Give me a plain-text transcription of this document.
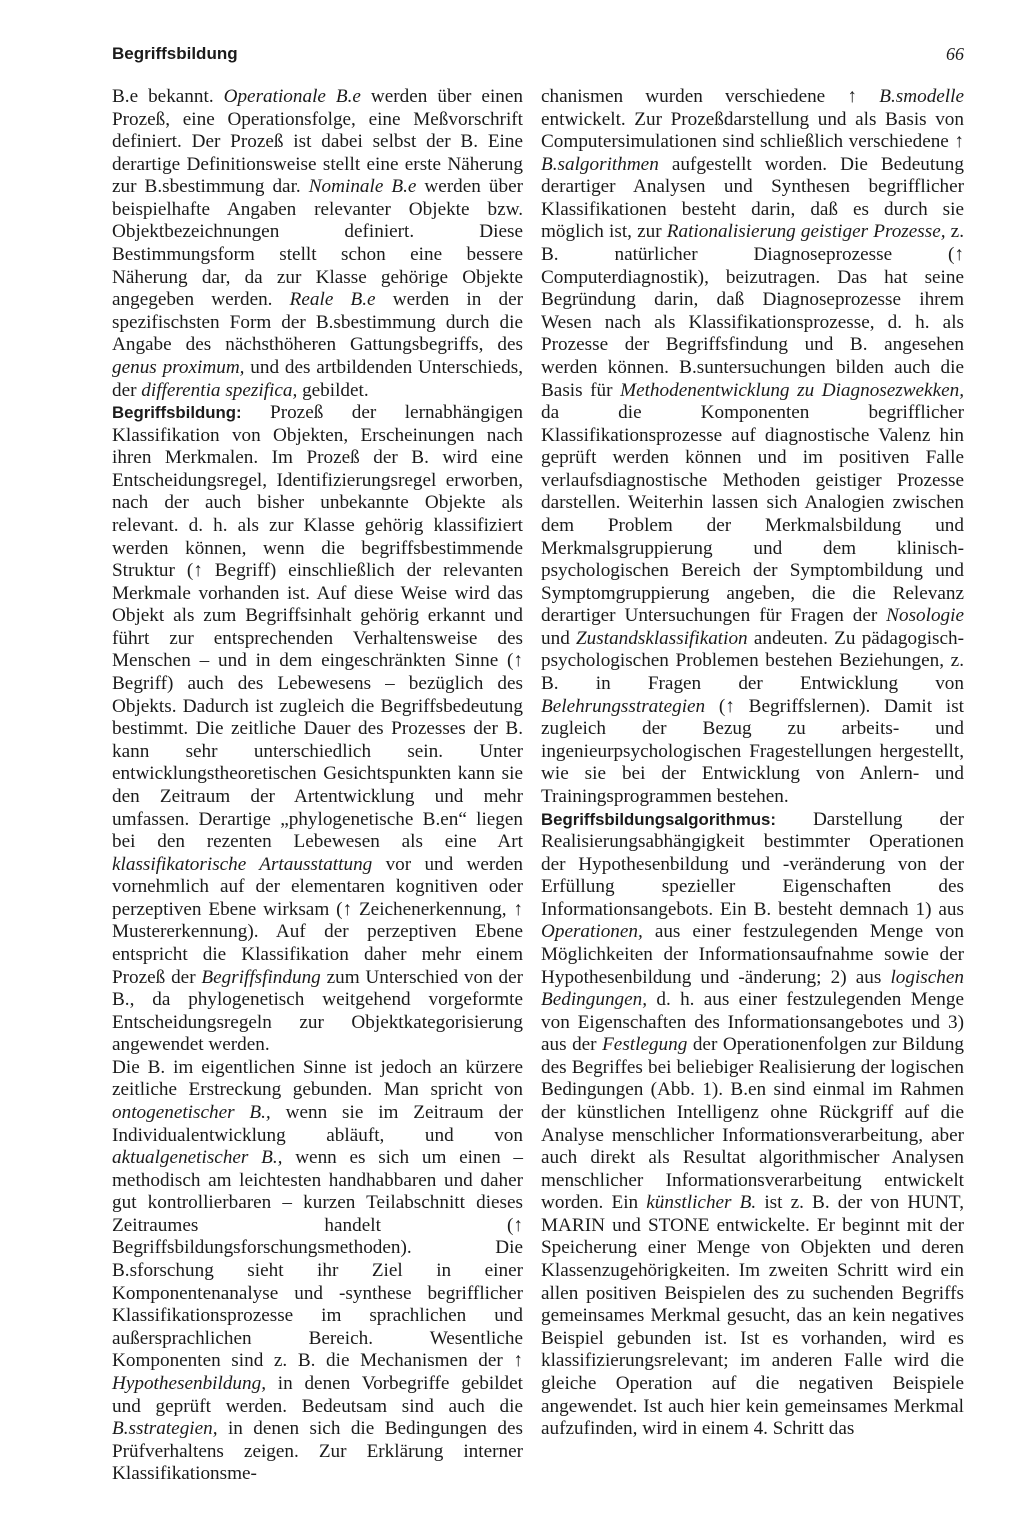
Begriffsbildung	66

B.e bekannt. Operationale B.e werden über einen Prozeß, eine Operationsfolge, eine Meßvorschrift definiert. Der Prozeß ist dabei selbst der B. Eine derartige Definitionsweise stellt eine erste Näherung zur B.sbestimmung dar. Nominale B.e werden über beispielhafte Angaben relevanter Objekte bzw. Objektbezeichnungen definiert. Diese Bestimmungsform stellt schon eine bessere Näherung dar, da zur Klasse gehörige Objekte angegeben werden. Reale B.e werden in der spezifischsten Form der B.sbestimmung durch die Angabe des nächsthöheren Gattungsbegriffs, des genus proximum, und des artbildenden Unterschieds, der differentia spezifica, gebildet.

Begriffsbildung: Prozeß der lernabhängigen Klassifikation von Objekten, Erscheinungen nach ihren Merkmalen. Im Prozeß der B. wird eine Entscheidungsregel, Identifizierungsregel erworben, nach der auch bisher unbekannte Objekte als relevant. d. h. als zur Klasse gehörig klassifiziert werden können, wenn die begriffsbestimmende Struktur (↑ Begriff) einschließlich der relevanten Merkmale vorhanden ist. Auf diese Weise wird das Objekt als zum Begriffsinhalt gehörig erkannt und führt zur entsprechenden Verhaltensweise des Menschen – und in dem eingeschränkten Sinne (↑ Begriff) auch des Lebewesens – bezüglich des Objekts. Dadurch ist zugleich die Begriffsbedeutung bestimmt. Die zeitliche Dauer des Prozesses der B. kann sehr unterschiedlich sein. Unter entwicklungstheoretischen Gesichtspunkten kann sie den Zeitraum der Artentwicklung und mehr umfassen. Derartige „phylogenetische B.en“ liegen bei den rezenten Lebewesen als eine Art klassifikatorische Artausstattung vor und werden vornehmlich auf der elementaren kognitiven oder perzeptiven Ebene wirksam (↑ Zeichenerkennung, ↑ Mustererkennung). Auf der perzeptiven Ebene entspricht die Klassifikation daher mehr einem Prozeß der Begriffsfindung zum Unterschied von der B., da phylogenetisch weitgehend vorgeformte Entscheidungsregeln zur Objektkategorisierung angewendet werden.

Die B. im eigentlichen Sinne ist jedoch an kürzere zeitliche Erstreckung gebunden. Man spricht von ontogenetischer B., wenn sie im Zeitraum der Individualentwicklung abläuft, und von aktualgenetischer B., wenn es sich um einen – methodisch am leichtesten handhabbaren und daher gut kontrollierbaren – kurzen Teilabschnitt dieses Zeitraumes handelt (↑ Begriffsbildungsforschungsmethoden). Die B.sforschung sieht ihr Ziel in einer Komponentenanalyse und -synthese begrifflicher Klassifikationsprozesse im sprachlichen und außersprachlichen Bereich. Wesentliche Komponenten sind z. B. die Mechanismen der ↑ Hypothesenbildung, in denen Vorbegriffe gebildet und geprüft werden. Bedeutsam sind auch die B.sstrategien, in denen sich die Bedingungen des Prüfverhaltens zeigen. Zur Erklärung interner Klassifikationsme-

chanismen wurden verschiedene ↑ B.smodelle entwickelt. Zur Prozeßdarstellung und als Basis von Computersimulationen sind schließlich verschiedene ↑ B.salgorithmen aufgestellt worden. Die Bedeutung derartiger Analysen und Synthesen begrifflicher Klassifikationen besteht darin, daß es durch sie möglich ist, zur Rationalisierung geistiger Prozesse, z. B. natürlicher Diagnoseprozesse (↑ Computerdiagnostik), beizutragen. Das hat seine Begründung darin, daß Diagnoseprozesse ihrem Wesen nach als Klassifikationsprozesse, d. h. als Prozesse der Begriffsfindung und B. angesehen werden können. B.suntersuchungen bilden auch die Basis für Methodenentwicklung zu Diagnosezwekken, da die Komponenten begrifflicher Klassifikationsprozesse auf diagnostische Valenz hin geprüft werden können und im positiven Falle verlaufsdiagnostische Methoden geistiger Prozesse darstellen. Weiterhin lassen sich Analogien zwischen dem Problem der Merkmalsbildung und Merkmalsgruppierung und dem klinisch-psychologischen Bereich der Symptombildung und Symptomgruppierung angeben, die die Relevanz derartiger Untersuchungen für Fragen der Nosologie und Zustandsklassifikation andeuten. Zu pädagogisch-psychologischen Problemen bestehen Beziehungen, z. B. in Fragen der Entwicklung von Belehrungsstrategien (↑ Begriffslernen). Damit ist zugleich der Bezug zu arbeits- und ingenieurpsychologischen Fragestellungen hergestellt, wie sie bei der Entwicklung von Anlern- und Trainingsprogrammen bestehen.

Begriffsbildungsalgorithmus: Darstellung der Realisierungsabhängigkeit bestimmter Operationen der Hypothesenbildung und -veränderung von der Erfüllung spezieller Eigenschaften des Informationsangebots. Ein B. besteht demnach 1) aus Operationen, aus einer festzulegenden Menge von Möglichkeiten der Informationsaufnahme sowie der Hypothesenbildung und -änderung; 2) aus logischen Bedingungen, d. h. aus einer festzulegenden Menge von Eigenschaften des Informationsangebotes und 3) aus der Festlegung der Operationenfolgen zur Bildung des Begriffes bei beliebiger Realisierung der logischen Bedingungen (Abb. 1). B.en sind einmal im Rahmen der künstlichen Intelligenz ohne Rückgriff auf die Analyse menschlicher Informationsverarbeitung, aber auch direkt als Resultat algorithmischer Analysen menschlicher Informationsverarbeitung entwickelt worden. Ein künstlicher B. ist z. B. der von HUNT, MARIN und STONE entwickelte. Er beginnt mit der Speicherung einer Menge von Objekten und deren Klassenzugehörigkeiten. Im zweiten Schritt wird ein allen positiven Beispielen des zu suchenden Begriffs gemeinsames Merkmal gesucht, das an kein negatives Beispiel gebunden ist. Ist es vorhanden, wird es klassifizierungsrelevant; im anderen Falle wird die gleiche Operation auf die negativen Beispiele angewendet. Ist auch hier kein gemeinsames Merkmal aufzufinden, wird in einem 4. Schritt das
